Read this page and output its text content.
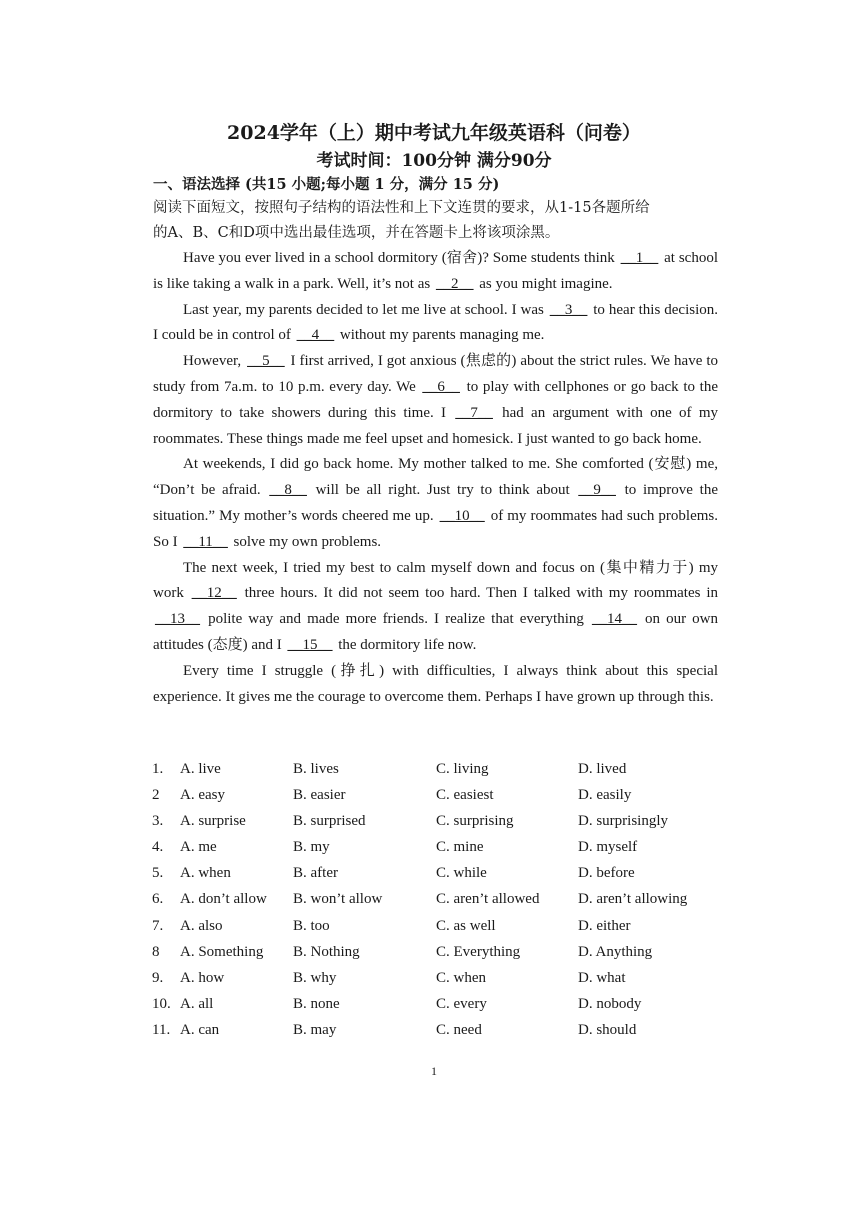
2024学年（上）期中考试九年级英语科（问卷）
考试时间：100分钟 满分90分
一、语法选择 (共15 小题;每小题 1 分，满分 15 分)
阅读下面短文，按照句子结构的语法性和上下文连贯的要求，从1-15各题所给
的A、B、C和D项中选出最佳选项，并在答题卡上将该项涂黑。

Have you ever lived in a school dormitory (宿舍)? Some students think __1__ at school is like taking a walk in a park. Well, it’s not as __2__ as you might imagine.

Last year, my parents decided to let me live at school. I was __3__ to hear this decision. I could be in control of __4__ without my parents managing me.

However, __5__ I first arrived, I got anxious (焦虑的) about the strict rules. We have to study from 7a.m. to 10 p.m. every day. We __6__ to play with cellphones or go back to the dormitory to take showers during this time. I __7__ had an argument with one of my roommates. These things made me feel upset and homesick. I just wanted to go back home.

At weekends, I did go back home. My mother talked to me. She comforted (安慰) me, “Don’t be afraid. __8__ will be all right. Just try to think about __9__ to improve the situation.” My mother’s words cheered me up. __10__ of my roommates had such problems. So I __11__ solve my own problems.

The next week, I tried my best to calm myself down and focus on (集中精力于) my work __12__ three hours. It did not seem too hard. Then I talked with my roommates in __13__ polite way and made more friends. I realize that everything __14__ on our own attitudes (态度) and I __15__ the dormitory life now.

Every time I struggle (挣扎) with difficulties, I always think about this special experience. It gives me the courage to overcome them. Perhaps I have grown up through this.

1. A. live	B. lives	C. living	D. lived
2 A. easy	B. easier	C. easiest	D. easily
3. A. surprise	B. surprised	C. surprising	D. surprisingly
4. A. me	B. my	C. mine	D. myself
5. A. when	B. after	C. while	D. before
6. A. don’t allow B. won’t allow	C. aren’t allowed	D. aren’t allowing
7. A. also	B. too	C. as well	D. either
8 A. Something B. Nothing	C. Everything	D. Anything
9. A. how	B. why	C. when	D. what
10. A. all	B. none	C. every	D. nobody
11. A. can	B. may	C. need	D. should
1
